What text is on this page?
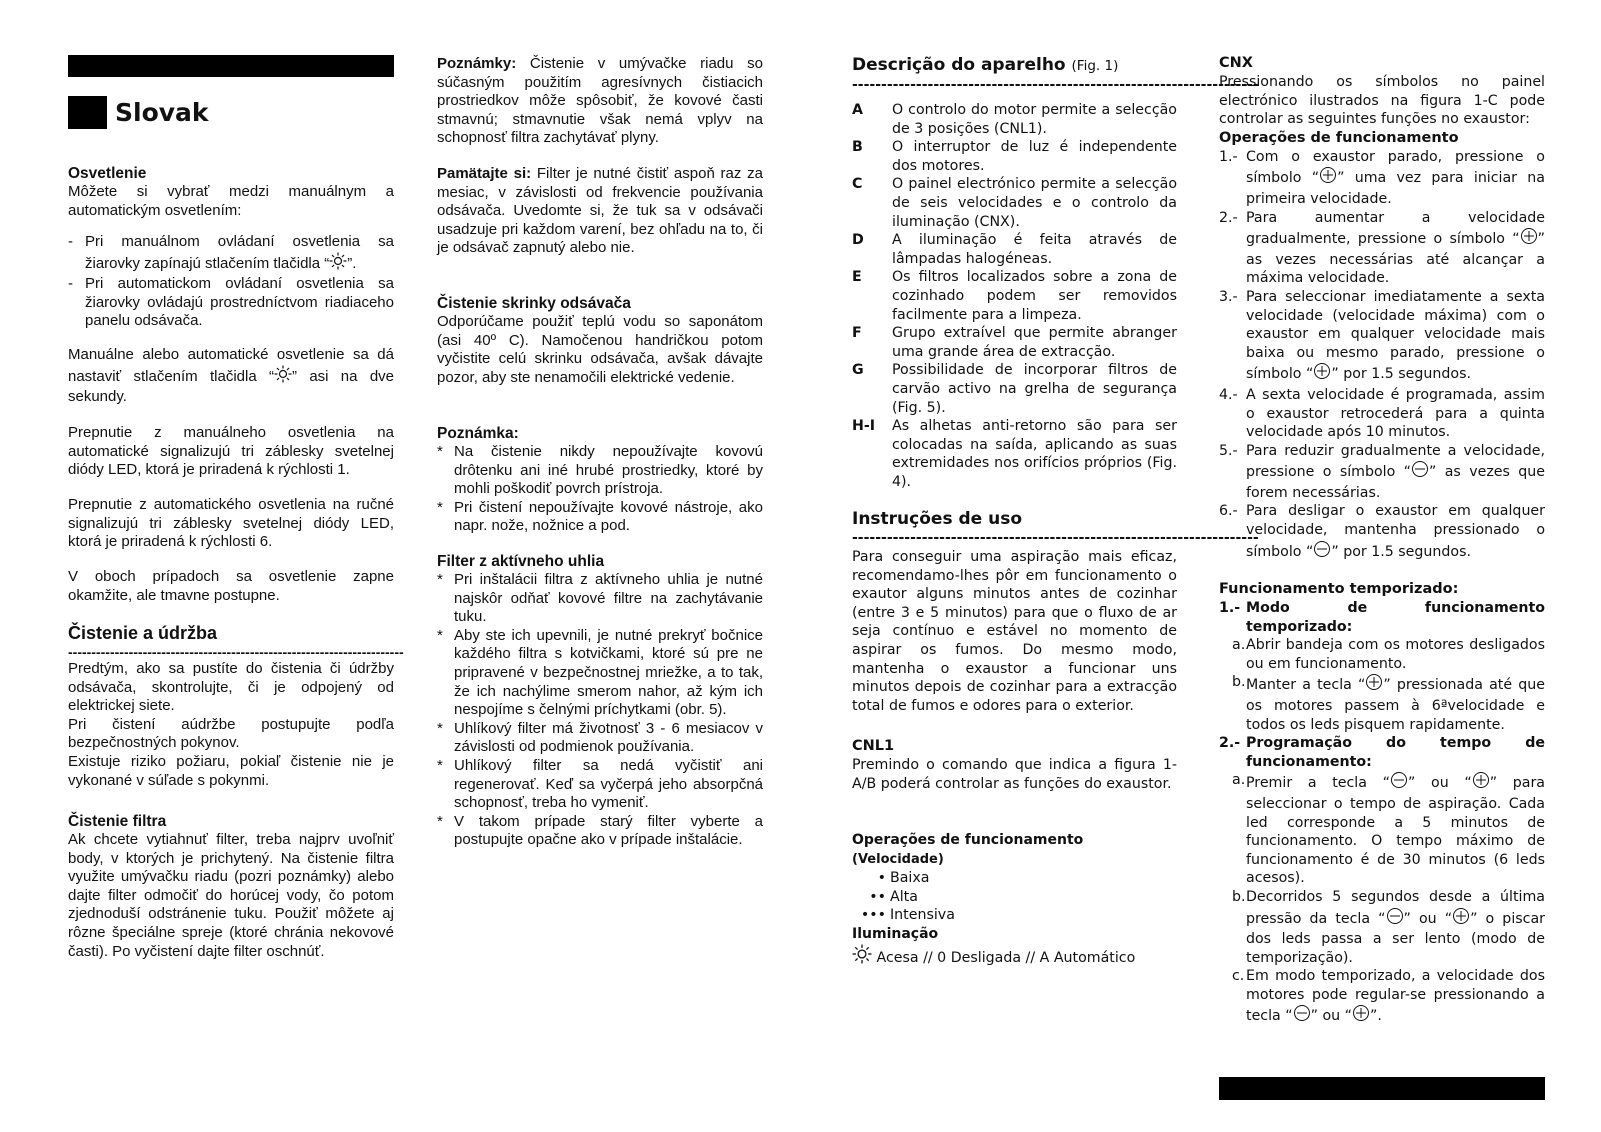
Slovak

Osvetlenie

Môžete si vybrať medzi manuálnym a automatickým osvetlením:

- Pri manuálnom ovládaní osvetlenia sa žiarovky zapínajú stlačením tlačidla “ ”.
- Pri automatickom ovládaní osvetlenia sa žiarovky ovládajú prostredníctvom riadiaceho panelu odsávača.

Manuálne alebo automatické osvetlenie sa dá nastaviť stlačením tlačidla “ ” asi na dve sekundy.

Prepnutie z manuálneho osvetlenia na automatické signalizujú tri záblesky svetelnej diódy LED, ktorá je priradená k rýchlosti 1.

Prepnutie z automatického osvetlenia na ručné signalizujú tri záblesky svetelnej diódy LED, ktorá je priradená k rýchlosti 6.

V oboch prípadoch sa osvetlenie zapne okamžite, ale tmavne postupne.

Čistenie a údržba

------------------------------------------------------------------------

Predtým, ako sa pustíte do čistenia či údržby odsávača, skontrolujte, či je odpojený od elektrickej siete.

Pri čistení aúdržbe postupujte podľa bezpečnostných pokynov.

Existuje riziko požiaru, pokiaľ čistenie nie je vykonané v súľade s pokynmi.

Čistenie filtra

Ak chcete vytiahnuť filter, treba najprv uvoľniť body, v ktorých je prichytený. Na čistenie filtra využite umývačku riadu (pozri poznámky) alebo dajte filter odmočiť do horúcej vody, čo potom zjednoduší odstránenie tuku. Použiť môžete aj rôzne špeciálne spreje (ktoré chránia nekovové časti). Po vyčistení dajte filter oschnúť.

Poznámky: Čistenie v umývačke riadu so súčasným použitím agresívnych čistiacich prostriedkov môže spôsobiť, že kovové časti stmavnú; stmavnutie však nemá vplyv na schopnosť filtra zachytávať plyny.

Pamätajte si: Filter je nutné čistiť aspoň raz za mesiac, v závislosti od frekvencie používania odsávača. Uvedomte si, že tuk sa v odsávači usadzuje pri každom varení, bez ohľadu na to, či je odsávač zapnutý alebo nie.

Čistenie skrinky odsávača

Odporúčame použiť teplú vodu so saponátom (asi 40º C). Namočenou handričkou potom vyčistite celú skrinku odsávača, avšak dávajte pozor, aby ste nenamočili elektrické vedenie.

Poznámka:

* Na čistenie nikdy nepoužívajte kovovú drôtenku ani iné hrubé prostriedky, ktoré by mohli poškodiť povrch prístroja.
* Pri čistení nepoužívajte kovové nástroje, ako napr. nože, nožnice a pod.

Filter z aktívneho uhlia

* Pri inštalácii filtra z aktívneho uhlia je nutné najskôr odňať kovové filtre na zachytávanie tuku.
* Aby ste ich upevnili, je nutné prekryť bočnice každého filtra s kotvičkami, ktoré sú pre ne pripravené v bezpečnostnej mriežke, a to tak, že ich nachýlime smerom nahor, až kým ich nespojíme s čelnými príchytkami (obr. 5).
* Uhlíkový filter má životnosť 3 - 6 mesiacov v závislosti od podmienok používania.
* Uhlíkový filter sa nedá vyčistiť ani regenerovať. Keď sa vyčerpá jeho absorpčná schopnosť, treba ho vymeniť.
* V takom prípade starý filter vyberte a postupujte opačne ako v prípade inštalácie.

Descrição do aparelho (Fig. 1)

----------------------------------------------------------------------
A	O controlo do motor permite a selecção de 3 posições (CNL1).
B	O interruptor de luz é independente dos motores.
C	O painel electrónico permite a selecção de seis velocidades e o controlo da iluminação (CNX).
D	A iluminação é feita através de lâmpadas halogéneas.
E	Os filtros localizados sobre a zona de cozinhado podem ser removidos facilmente para a limpeza.
F	Grupo extraível que permite abranger uma grande área de extracção.
G	Possibilidade de incorporar filtros de carvão activo na grelha de segurança (Fig. 5).
H-I	As alhetas anti-retorno são para ser colocadas na saída, aplicando as suas extremidades nos orifícios próprios (Fig. 4).

Instruções de uso

----------------------------------------------------------------------

Para conseguir uma aspiração mais eficaz, recomendamo-lhes pôr em funcionamento o exautor alguns minutos antes de cozinhar (entre 3 e 5 minutos) para que o fluxo de ar seja contínuo e estável no momento de aspirar os fumos. Do mesmo modo, mantenha o exaustor a funcionar uns minutos depois de cozinhar para a extracção total de fumos e odores para o exterior.

CNL1

Premindo o comando que indica a figura 1-A/B poderá controlar as funções do exaustor.

Operações de funcionamento (Velocidade)

• Baixa
•• Alta
••• Intensiva

Iluminação

Acesa // 0 Desligada // A Automático

CNX

Pressionando os símbolos no painel electrónico ilustrados na figura 1-C pode controlar as seguintes funções no exaustor:

Operações de funcionamento

1.- Com o exaustor parado, pressione o símbolo “ ” uma vez para iniciar na primeira velocidade.
2.- Para aumentar a velocidade gradualmente, pressione o símbolo “ ” as vezes necessárias até alcançar a máxima velocidade.
3.- Para seleccionar imediatamente a sexta velocidade (velocidade máxima) com o exaustor em qualquer velocidade mais baixa ou mesmo parado, pressione o símbolo “ ” por 1.5 segundos.
4.- A sexta velocidade é programada, assim o exaustor retrocederá para a quinta velocidade após 10 minutos.
5.- Para reduzir gradualmente a velocidade, pressione o símbolo “ ” as vezes que forem necessárias.
6.- Para desligar o exaustor em qualquer velocidade, mantenha pressionado o símbolo “ ” por 1.5 segundos.

Funcionamento temporizado:

1.- Modo de funcionamento temporizado:
a. Abrir bandeja com os motores desligados ou em funcionamento.
b. Manter a tecla “ ” pressionada até que os motores passem à 6ªvelocidade e todos os leds pisquem rapidamente.
2.- Programação do tempo de funcionamento:
a. Premir a tecla “ ” ou “ ” para seleccionar o tempo de aspiração. Cada led corresponde a 5 minutos de funcionamento. O tempo máximo de funcionamento é de 30 minutos (6 leds acesos).
b. Decorridos 5 segundos desde a última pressão da tecla “ ” ou “ ” o piscar dos leds passa a ser lento (modo de temporização).
c. Em modo temporizado, a velocidade dos motores pode regular-se pressionando a tecla “ ” ou “ ”.
